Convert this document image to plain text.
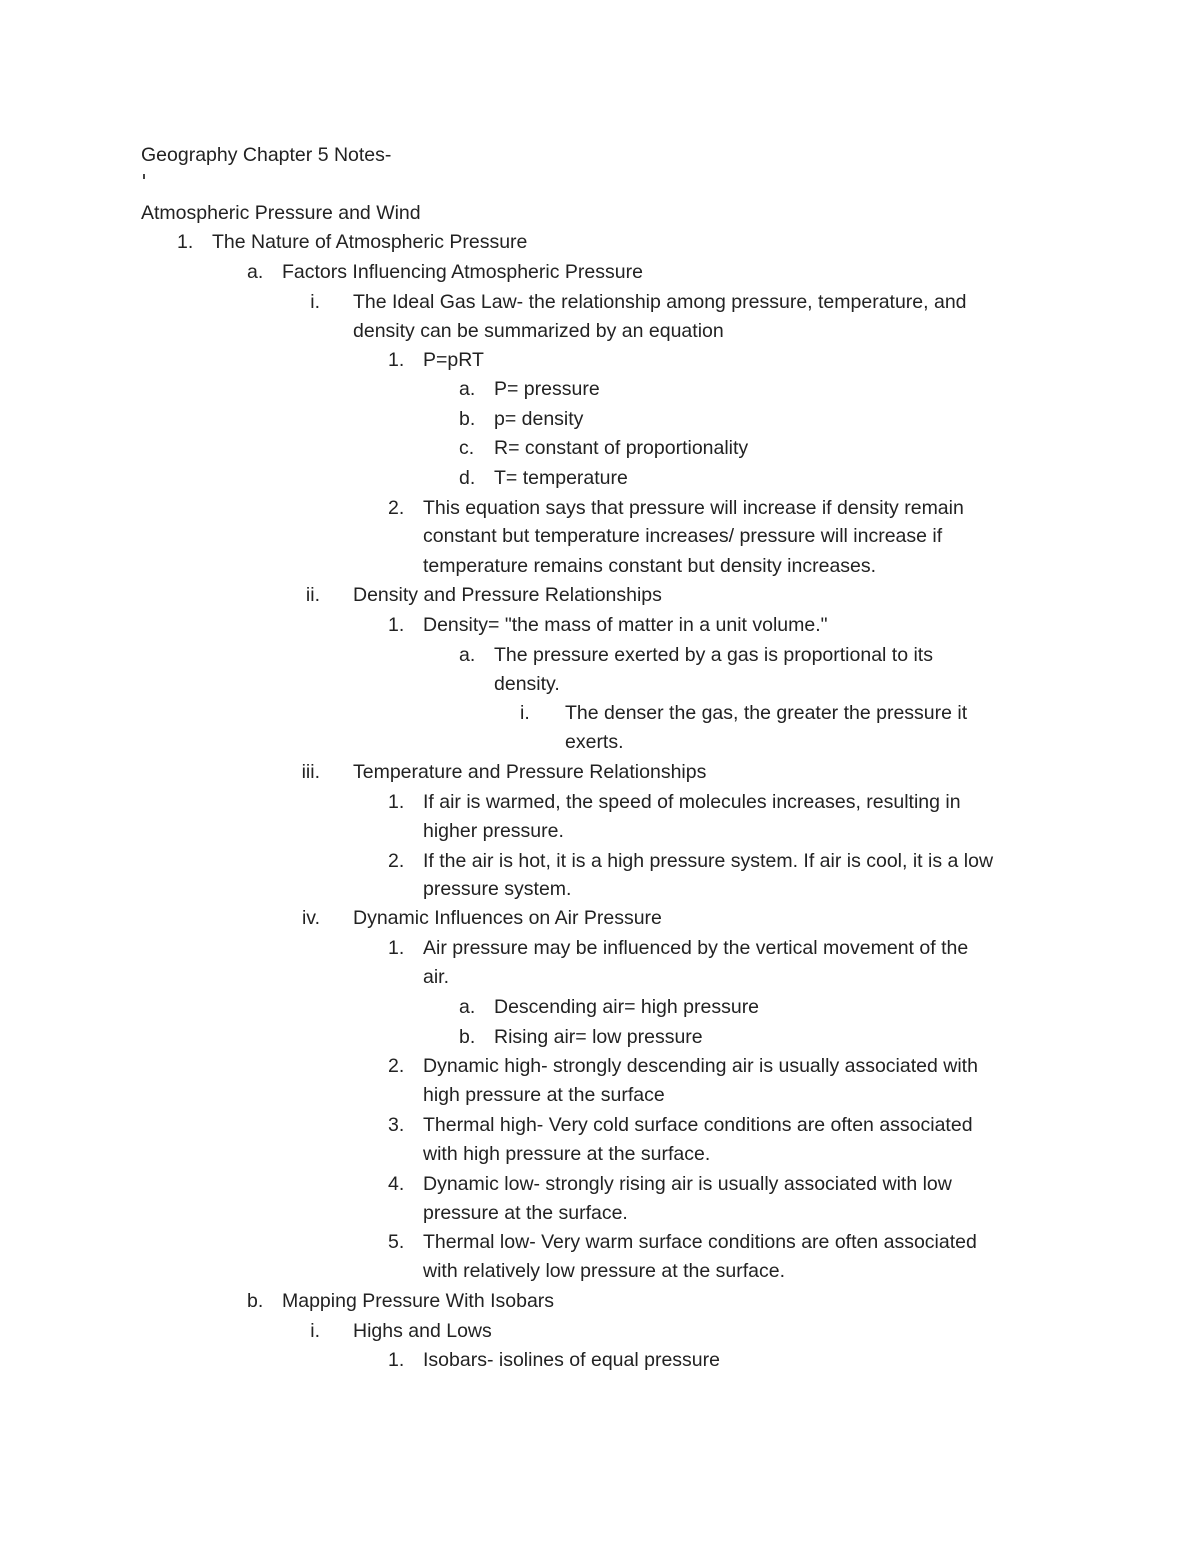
Geography Chapter 5 Notes-
Atmospheric Pressure and Wind
1. The Nature of Atmospheric Pressure
a. Factors Influencing Atmospheric Pressure
i. The Ideal Gas Law- the relationship among pressure, temperature, and
density can be summarized by an equation
1. P=pRT
a. P= pressure
b. p= density
c. R= constant of proportionality
d. T= temperature
2. This equation says that pressure will increase if density remain
constant but temperature increases/ pressure will increase if
temperature remains constant but density increases.
ii. Density and Pressure Relationships
1. Density= "the mass of matter in a unit volume."
a. The pressure exerted by a gas is proportional to its
density.
i. The denser the gas, the greater the pressure it
exerts.
iii. Temperature and Pressure Relationships
1. If air is warmed, the speed of molecules increases, resulting in
higher pressure.
2. If the air is hot, it is a high pressure system. If air is cool, it is a low
pressure system.
iv. Dynamic Influences on Air Pressure
1. Air pressure may be influenced by the vertical movement of the
air.
a. Descending air= high pressure
b. Rising air= low pressure
2. Dynamic high- strongly descending air is usually associated with
high pressure at the surface
3. Thermal high- Very cold surface conditions are often associated
with high pressure at the surface.
4. Dynamic low- strongly rising air is usually associated with low
pressure at the surface.
5. Thermal low- Very warm surface conditions are often associated
with relatively low pressure at the surface.
b. Mapping Pressure With Isobars
i. Highs and Lows
1. Isobars- isolines of equal pressure
